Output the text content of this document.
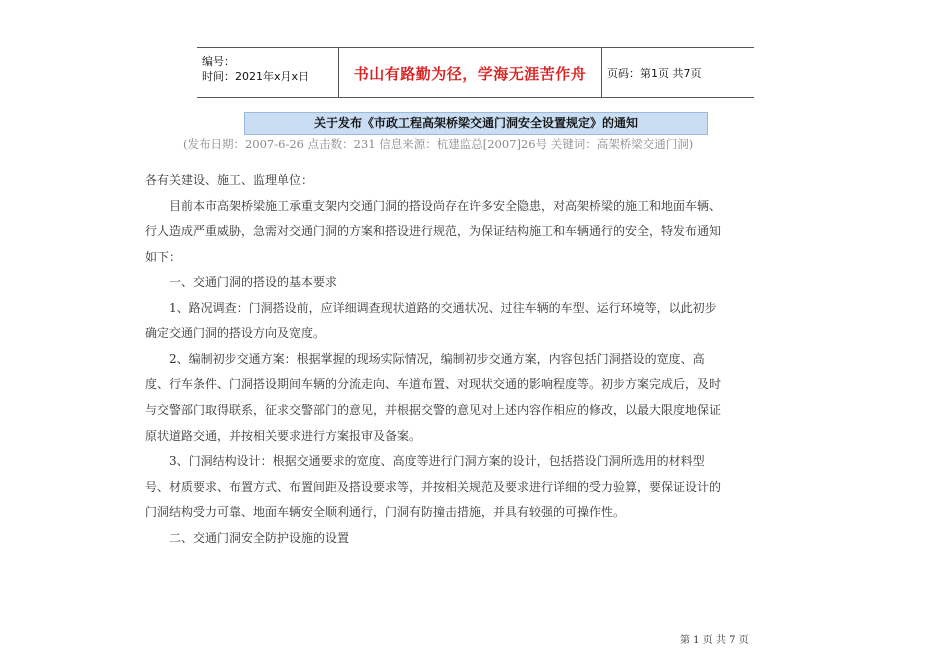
编号：
时间：2021年x月x日	书山有路勤为径，学海无涯苦作舟	页码：第1页 共7页
关于发布《市政工程高架桥梁交通门洞安全设置规定》的通知
(发布日期：2007-6-26 点击数：231 信息来源：杭建监总[2007]26号 关键词：高架桥梁交通门洞)
各有关建设、施工、监理单位：
目前本市高架桥梁施工承重支架内交通门洞的搭设尚存在许多安全隐患，对高架桥梁的施工和地面车辆、
行人造成严重威胁，急需对交通门洞的方案和搭设进行规范，为保证结构施工和车辆通行的安全，特发布通知
如下：
一、交通门洞的搭设的基本要求
1、路况调查：门洞搭设前，应详细调查现状道路的交通状况、过往车辆的车型、运行环境等，以此初步
确定交通门洞的搭设方向及宽度。
2、编制初步交通方案：根据掌握的现场实际情况，编制初步交通方案，内容包括门洞搭设的宽度、高
度、行车条件、门洞搭设期间车辆的分流走向、车道布置、对现状交通的影响程度等。初步方案完成后，及时
与交警部门取得联系，征求交警部门的意见，并根据交警的意见对上述内容作相应的修改，以最大限度地保证
原状道路交通，并按相关要求进行方案报审及备案。
3、门洞结构设计：根据交通要求的宽度、高度等进行门洞方案的设计，包括搭设门洞所选用的材料型
号、材质要求、布置方式、布置间距及搭设要求等，并按相关规范及要求进行详细的受力验算，要保证设计的
门洞结构受力可靠、地面车辆安全顺利通行，门洞有防撞击措施，并具有较强的可操作性。
二、交通门洞安全防护设施的设置
第 1 页 共 7 页
